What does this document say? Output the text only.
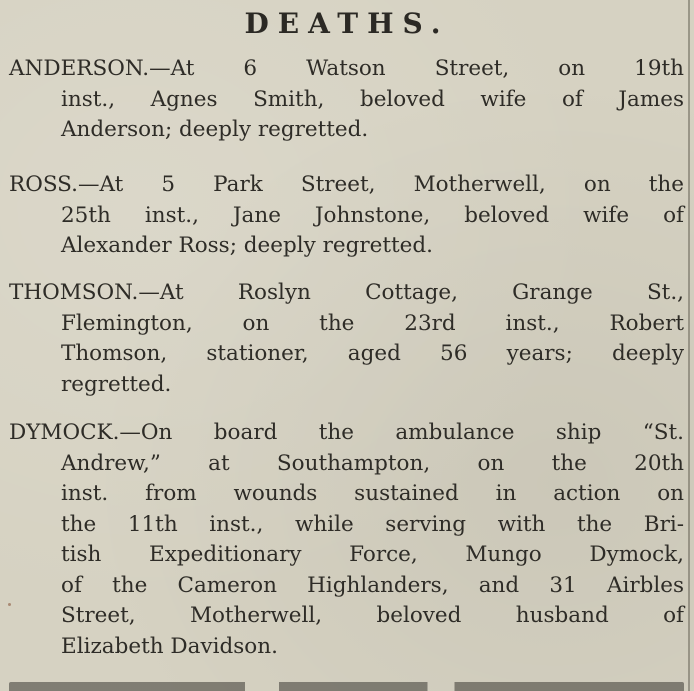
DEATHS.
ANDERSON.—At 6 Watson Street, on 19th
inst., Agnes Smith, beloved wife of James
Anderson; deeply regretted.
ROSS.—At 5 Park Street, Motherwell, on the
25th inst., Jane Johnstone, beloved wife of
Alexander Ross; deeply regretted.
THOMSON.—At Roslyn Cottage, Grange St.,
Flemington, on the 23rd inst., Robert
Thomson, stationer, aged 56 years; deeply
regretted.
DYMOCK.—On board the ambulance ship “St.
Andrew,” at Southampton, on the 20th
inst. from wounds sustained in action on
the 11th inst., while serving with the Bri-
tish Expeditionary Force, Mungo Dymock,
of the Cameron Highlanders, and 31 Airbles
Street, Motherwell, beloved husband of
Elizabeth Davidson.
